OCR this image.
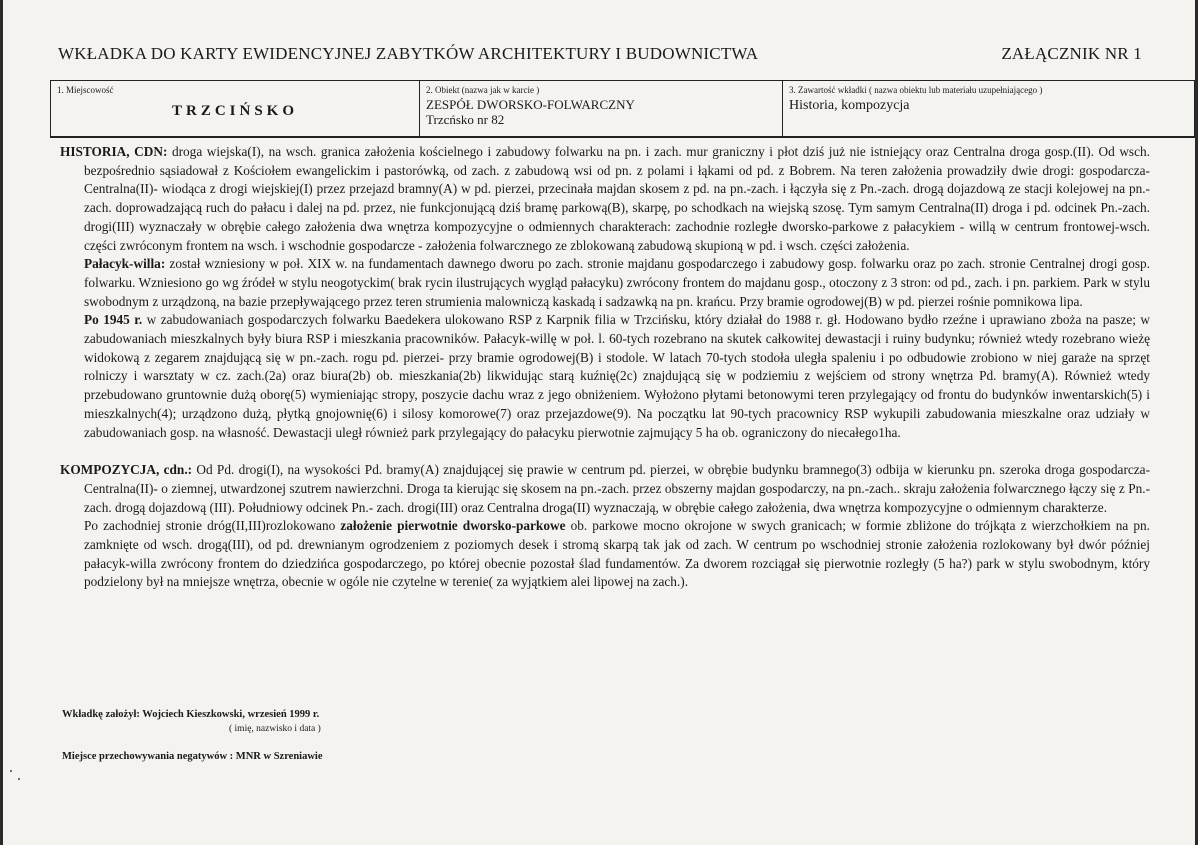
WKŁADKA DO KARTY EWIDENCYJNEJ ZABYTKÓW ARCHITEKTURY I BUDOWNICTWA	ZAŁĄCZNIK NR 1
1. Miejscowość
TRZCIŃSKO
2. Obiekt (nazwa jak w karcie )
ZESPÓŁ DWORSKO-FOLWARCZNY
Trzcńsko nr 82
3. Zawartość wkładki ( nazwa obiektu lub materiału uzupełniającego )
Historia, kompozycja

HISTORIA, CDN: droga wiejska(I), na wsch. granica założenia kościelnego i zabudowy folwarku na pn. i zach. mur graniczny i płot dziś już nie istniejący oraz Centralna droga gosp.(II). Od wsch. bezpośrednio sąsiadował z Kościołem ewangelickim i pastorówką, od zach. z zabudową wsi od pn. z polami i łąkami od pd. z Bobrem. Na teren założenia prowadziły dwie drogi: gospodarcza- Centralna(II)- wiodąca z drogi wiejskiej(I) przez przejazd bramny(A) w pd. pierzei, przecinała majdan skosem z pd. na pn.-zach. i łączyła się z Pn.-zach. drogą dojazdową ze stacji kolejowej na pn.-zach. doprowadzającą ruch do pałacu i dalej na pd. przez, nie funkcjonującą dziś bramę parkową(B), skarpę, po schodkach na wiejską szosę. Tym samym Centralna(II) droga i pd. odcinek Pn.-zach. drogi(III) wyznaczały w obrębie całego założenia dwa wnętrza kompozycyjne o odmiennych charakterach: zachodnie rozległe dworsko-parkowe z pałacykiem - willą w centrum frontowej-wsch. części zwróconym frontem na wsch. i wschodnie gospodarcze - założenia folwarcznego ze zblokowaną zabudową skupioną w pd. i wsch. części założenia.

Pałacyk-willa: został wzniesiony w poł. XIX w. na fundamentach dawnego dworu po zach. stronie majdanu gospodarczego i zabudowy gosp. folwarku oraz po zach. stronie Centralnej drogi gosp. folwarku. Wzniesiono go wg źródeł w stylu neogotyckim( brak rycin ilustrujących wygląd pałacyku) zwrócony frontem do majdanu gosp., otoczony z 3 stron: od pd., zach. i pn. parkiem. Park w stylu swobodnym z urządzoną, na bazie przepływającego przez teren strumienia malowniczą kaskadą i sadzawką na pn. krańcu. Przy bramie ogrodowej(B) w pd. pierzei rośnie pomnikowa lipa.

Po 1945 r. w zabudowaniach gospodarczych folwarku Baedekera ulokowano RSP z Karpnik filia w Trzcińsku, który działał do 1988 r. gł. Hodowano bydło rzeźne i uprawiano zboża na pasze; w zabudowaniach mieszkalnych były biura RSP i mieszkania pracowników. Pałacyk-willę w poł. l. 60-tych rozebrano na skutek całkowitej dewastacji i ruiny budynku; również wtedy rozebrano wieżę widokową z zegarem znajdującą się w pn.-zach. rogu pd. pierzei- przy bramie ogrodowej(B) i stodole. W latach 70-tych stodoła uległa spaleniu i po odbudowie zrobiono w niej garaże na sprzęt rolniczy i warsztaty w cz. zach.(2a) oraz biura(2b) ob. mieszkania(2b) likwidując starą kuźnię(2c) znajdującą się w podziemiu z wejściem od strony wnętrza Pd. bramy(A). Również wtedy przebudowano gruntownie dużą oborę(5) wymieniając stropy, poszycie dachu wraz z jego obniżeniem. Wyłożono płytami betonowymi teren przylegający od frontu do budynków inwentarskich(5) i mieszkalnych(4); urządzono dużą, płytką gnojownię(6) i silosy komorowe(7) oraz przejazdowe(9). Na początku lat 90-tych pracownicy RSP wykupili zabudowania mieszkalne oraz udziały w zabudowaniach gosp. na własność. Dewastacji uległ również park przylegający do pałacyku pierwotnie zajmujący 5 ha ob. ograniczony do niecałego1ha.

KOMPOZYCJA, cdn.: Od Pd. drogi(I), na wysokości Pd. bramy(A) znajdującej się prawie w centrum pd. pierzei, w obrębie budynku bramnego(3) odbija w kierunku pn. szeroka droga gospodarcza-Centralna(II)- o ziemnej, utwardzonej szutrem nawierzchni. Droga ta kierując się skosem na pn.-zach. przez obszerny majdan gospodarczy, na pn.-zach.. skraju założenia folwarcznego łączy się z Pn.-zach. drogą dojazdową (III). Południowy odcinek Pn.- zach. drogi(III) oraz Centralna droga(II) wyznaczają, w obrębie całego założenia, dwa wnętrza kompozycyjne o odmiennym charakterze.

Po zachodniej stronie dróg(II,III)rozlokowano założenie pierwotnie dworsko-parkowe ob. parkowe mocno okrojone w swych granicach; w formie zbliżone do trójkąta z wierzchołkiem na pn. zamknięte od wsch. drogą(III), od pd. drewnianym ogrodzeniem z poziomych desek i stromą skarpą tak jak od zach. W centrum po wschodniej stronie założenia rozlokowany był dwór później pałacyk-willa zwrócony frontem do dziedzińca gospodarczego, po której obecnie pozostał ślad fundamentów. Za dworem rozciągał się pierwotnie rozległy (5 ha?) park w stylu swobodnym, który podzielony był na mniejsze wnętrza, obecnie w ogóle nie czytelne w terenie( za wyjątkiem alei lipowej na zach.).

Wkładkę założył: Wojciech Kieszkowski, wrzesień 1999 r.
( imię, nazwisko i data )
Miejsce przechowywania negatywów : MNR w Szreniawie
